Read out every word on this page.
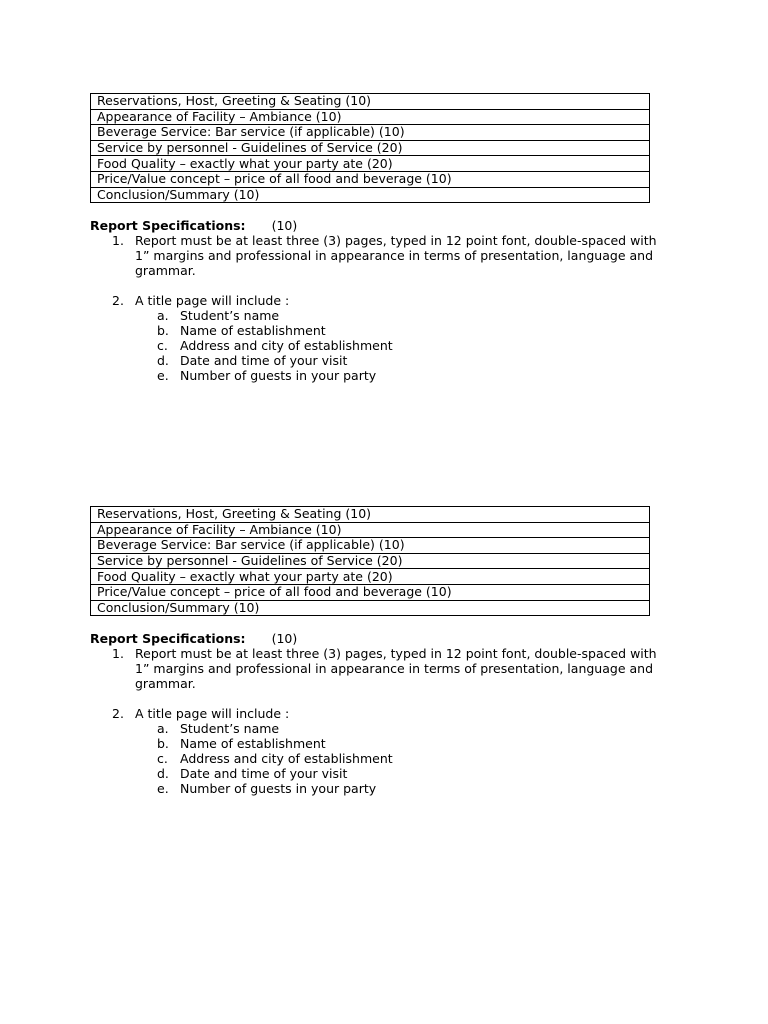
Reservations, Host, Greeting & Seating (10)
Appearance of Facility – Ambiance (10)
Beverage Service: Bar service (if applicable) (10)
Service by personnel - Guidelines of Service (20)
Food Quality – exactly what your party ate (20)
Price/Value concept – price of all food and beverage (10)
Conclusion/Summary (10)
Report Specifications: (10)
1. Report must be at least three (3) pages, typed in 12 point font, double-spaced with
1” margins and professional in appearance in terms of presentation, language and
grammar.
2. A title page will include :
a. Student’s name
b. Name of establishment
c. Address and city of establishment
d. Date and time of your visit
e. Number of guests in your party
Reservations, Host, Greeting & Seating (10)
Appearance of Facility – Ambiance (10)
Beverage Service: Bar service (if applicable) (10)
Service by personnel - Guidelines of Service (20)
Food Quality – exactly what your party ate (20)
Price/Value concept – price of all food and beverage (10)
Conclusion/Summary (10)
Report Specifications: (10)
1. Report must be at least three (3) pages, typed in 12 point font, double-spaced with
1” margins and professional in appearance in terms of presentation, language and
grammar.
2. A title page will include :
a. Student’s name
b. Name of establishment
c. Address and city of establishment
d. Date and time of your visit
e. Number of guests in your party
